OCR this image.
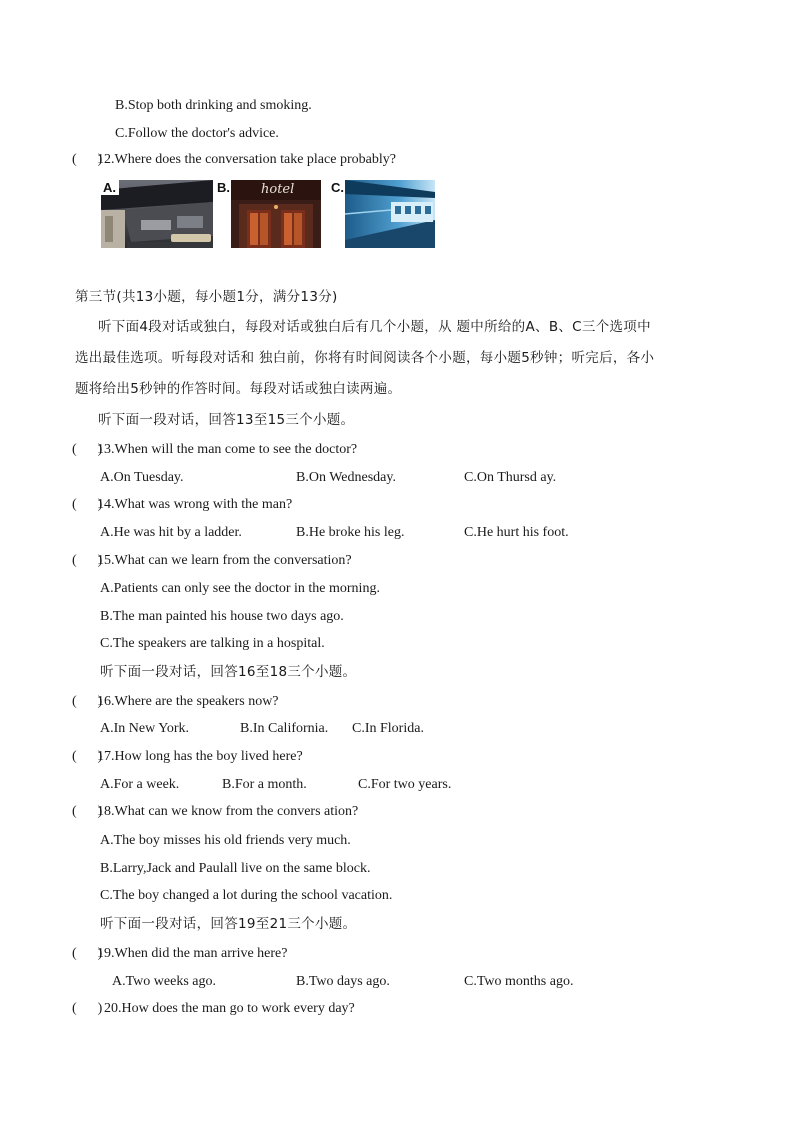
B.Stop both drinking and smoking.
C.Follow the doctor's advice.
(      )
12.Where does the conversation take place probably?
A.	hotel
B.	C.
第三节(共13小题，每小题1分，满分13分)
听下面4段对话或独白，每段对话或独白后有几个小题，从 题中所给的A、B、C三个选项中
选出最佳选项。听每段对话和 独白前，你将有时间阅读各个小题，每小题5秒钟；听完后，各小
题将给出5秒钟的作答时间。每段对话或独白读两遍。
听下面一段对话，回答13至15三个小题。
(      )
13.When will the man come to see the doctor?
A.On Tuesday.	B.On Wednesday.	C.On Thursd ay.
(      )
14.What was wrong with the man?
A.He was hit by a ladder.	B.He broke his leg.	C.He hurt his foot.
(      )
15.What can we learn from the conversation?
A.Patients can only see the doctor in the morning.
B.The man painted his house two days ago.
C.The speakers are talking in a hospital.
听下面一段对话，回答16至18三个小题。
(      )
16.Where are the speakers now?
A.In New York.	B.In California. C.In Florida.
(      )
17.How long has the boy lived here?
A.For a week.	B.For a month.	C.For two years.
(      )
18.What can we know from the convers ation?
A.The boy misses his old friends very much.
B.Larry,Jack and Paulall live on the same block.
C.The boy changed a lot during the school vacation.
听下面一段对话，回答19至21三个小题。
(      )
19.When did the man arrive here?
A.Two weeks ago.	B.Two days ago.	C.Two months ago.
(      ) 20.How does the man go to work every day?
